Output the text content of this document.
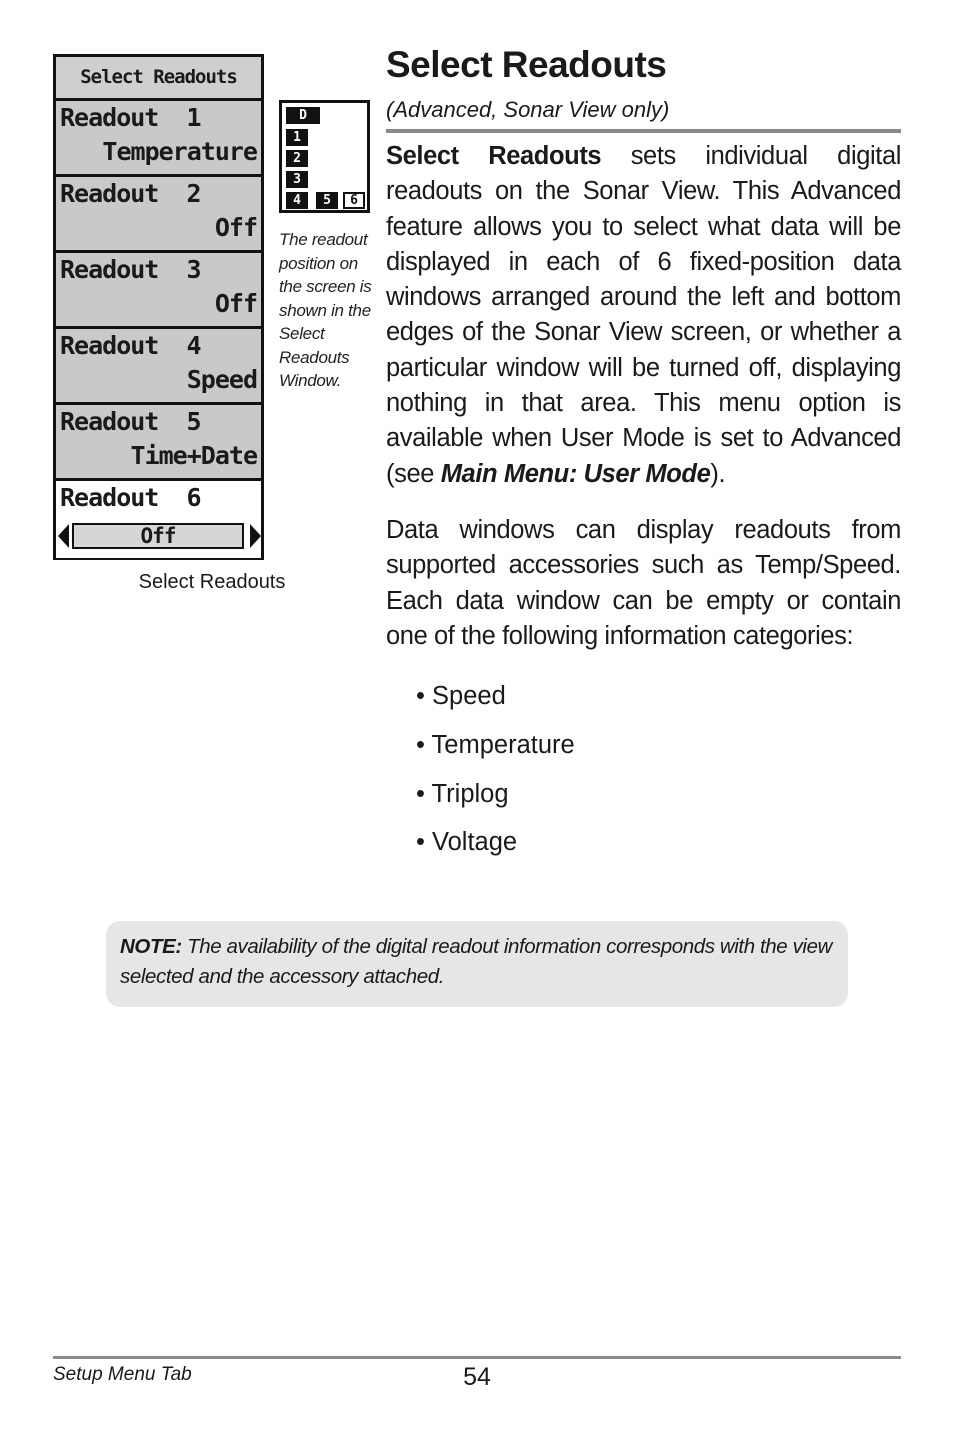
Select Readouts
Readout  1
Temperature
Readout  2
Off
Readout  3
Off
Readout  4
Speed
Readout  5
Time+Date
Readout  6
Off
Select Readouts
D
1
2
3
4	5	6
The readout position on the screen is shown in the Select Readouts Window.
Select Readouts
(Advanced, Sonar View only)

Select Readouts sets individual digital readouts on the Sonar View. This Advanced feature allows you to select what data will be displayed in each of 6 fixed-position data windows arranged around the left and bottom edges of the Sonar View screen, or whether a particular window will be turned off, displaying nothing in that area. This menu option is available when User Mode is set to Advanced (see Main Menu: User Mode).

Data windows can display readouts from supported accessories such as Temp/Speed. Each data window can be empty or contain one of the following information categories:

• Speed
• Temperature
• Triplog
• Voltage
NOTE: The availability of the digital readout information corresponds with the view selected and the accessory attached.
Setup Menu Tab	54
